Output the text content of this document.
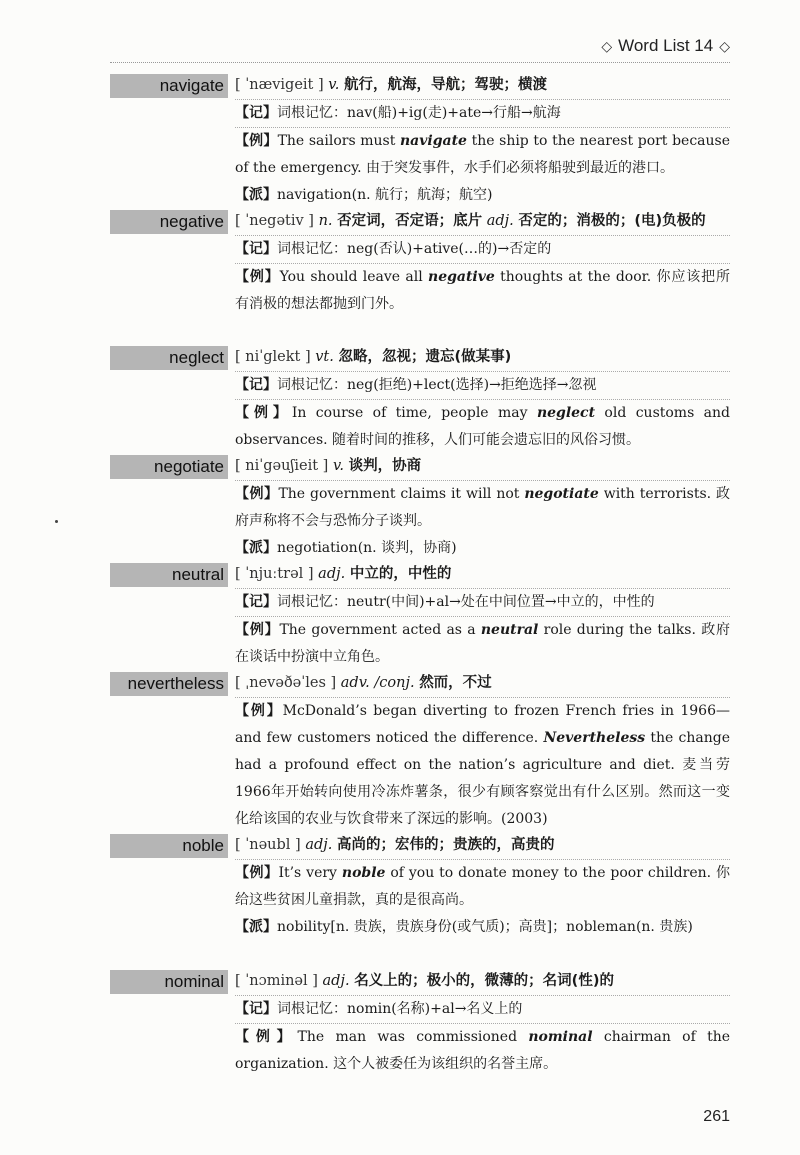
◇ Word List 14 ◇
navigate [ ˈnævigeit ] v. 航行，航海，导航；驾驶；横渡
【记】词根记忆：nav(船)+ig(走)+ate→行船→航海
【例】The sailors must navigate the ship to the nearest port because of the emergency. 由于突发事件，水手们必须将船驶到最近的港口。
【派】navigation(n. 航行；航海；航空)
negative [ ˈnegətiv ] n. 否定词，否定语；底片 adj. 否定的；消极的；(电)负极的
【记】词根记忆：neg(否认)+ative(…的)→否定的
【例】You should leave all negative thoughts at the door. 你应该把所有消极的想法都抛到门外。
neglect [ niˈglekt ] vt. 忽略，忽视；遗忘(做某事)
【记】词根记忆：neg(拒绝)+lect(选择)→拒绝选择→忽视
【例】In course of time, people may neglect old customs and observances. 随着时间的推移，人们可能会遗忘旧的风俗习惯。
negotiate [ niˈgəuʃieit ] v. 谈判，协商
【例】The government claims it will not negotiate with terrorists. 政府声称将不会与恐怖分子谈判。
【派】negotiation(n. 谈判，协商)
neutral [ ˈnjuːtrəl ] adj. 中立的，中性的
【记】词根记忆：neutr(中间)+al→处在中间位置→中立的，中性的
【例】The government acted as a neutral role during the talks. 政府在谈话中扮演中立角色。
nevertheless [ ˌnevəðəˈles ] adv. /conj. 然而，不过
【例】McDonald’s began diverting to frozen French fries in 1966—and few customers noticed the difference. Nevertheless the change had a profound effect on the nation’s agriculture and diet. 麦当劳1966年开始转向使用冷冻炸薯条，很少有顾客察觉出有什么区别。然而这一变化给该国的农业与饮食带来了深远的影响。(2003)
noble [ ˈnəubl ] adj. 高尚的；宏伟的；贵族的，高贵的
【例】It’s very noble of you to donate money to the poor children. 你给这些贫困儿童捐款，真的是很高尚。
【派】nobility[n. 贵族，贵族身份(或气质)；高贵]；nobleman(n. 贵族)
nominal [ ˈnɔminəl ] adj. 名义上的；极小的，微薄的；名词(性)的
【记】词根记忆：nomin(名称)+al→名义上的
【例】The man was commissioned nominal chairman of the organization. 这个人被委任为该组织的名誉主席。
261
